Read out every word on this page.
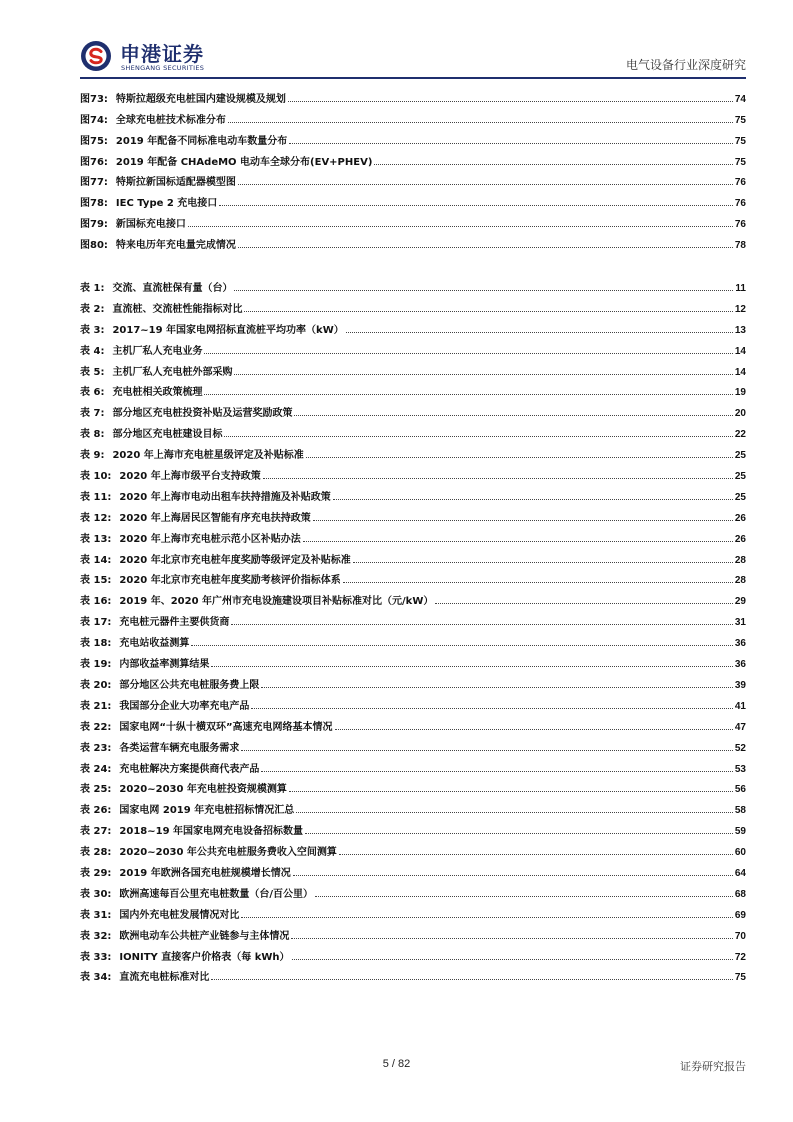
申港证券
SHENGANG SECURITIES	电气设备行业深度研究
图73: 特斯拉超级充电桩国内建设规模及规划	74
图74: 全球充电桩技术标准分布	75
图75: 2019 年配备不同标准电动车数量分布	75
图76: 2019 年配备 CHAdeMO 电动车全球分布(EV+PHEV)	75
图77: 特斯拉新国标适配器模型图	76
图78: IEC Type 2 充电接口	76
图79: 新国标充电接口	76
图80: 特来电历年充电量完成情况	78
表 1: 交流、直流桩保有量（台）	11
表 2: 直流桩、交流桩性能指标对比	12
表 3: 2017~19 年国家电网招标直流桩平均功率（kW）	13
表 4: 主机厂私人充电业务	14
表 5: 主机厂私人充电桩外部采购	14
表 6: 充电桩相关政策梳理	19
表 7: 部分地区充电桩投资补贴及运营奖励政策	20
表 8: 部分地区充电桩建设目标	22
表 9: 2020 年上海市充电桩星级评定及补贴标准	25
表 10: 2020 年上海市级平台支持政策	25
表 11: 2020 年上海市电动出租车扶持措施及补贴政策	25
表 12: 2020 年上海居民区智能有序充电扶持政策	26
表 13: 2020 年上海市充电桩示范小区补贴办法	26
表 14: 2020 年北京市充电桩年度奖励等级评定及补贴标准	28
表 15: 2020 年北京市充电桩年度奖励考核评价指标体系	28
表 16: 2019 年、2020 年广州市充电设施建设项目补贴标准对比（元/kW）	29
表 17: 充电桩元器件主要供货商	31
表 18: 充电站收益测算	36
表 19: 内部收益率测算结果	36
表 20: 部分地区公共充电桩服务费上限	39
表 21: 我国部分企业大功率充电产品	41
表 22: 国家电网“十纵十横双环”高速充电网络基本情况	47
表 23: 各类运营车辆充电服务需求	52
表 24: 充电桩解决方案提供商代表产品	53
表 25: 2020~2030 年充电桩投资规模测算	56
表 26: 国家电网 2019 年充电桩招标情况汇总	58
表 27: 2018~19 年国家电网充电设备招标数量	59
表 28: 2020~2030 年公共充电桩服务费收入空间测算	60
表 29: 2019 年欧洲各国充电桩规模增长情况	64
表 30: 欧洲高速每百公里充电桩数量（台/百公里）	68
表 31: 国内外充电桩发展情况对比	69
表 32: 欧洲电动车公共桩产业链参与主体情况	70
表 33: IONITY 直接客户价格表（每 kWh）	72
表 34: 直流充电桩标准对比	75
5 / 82	证券研究报告
